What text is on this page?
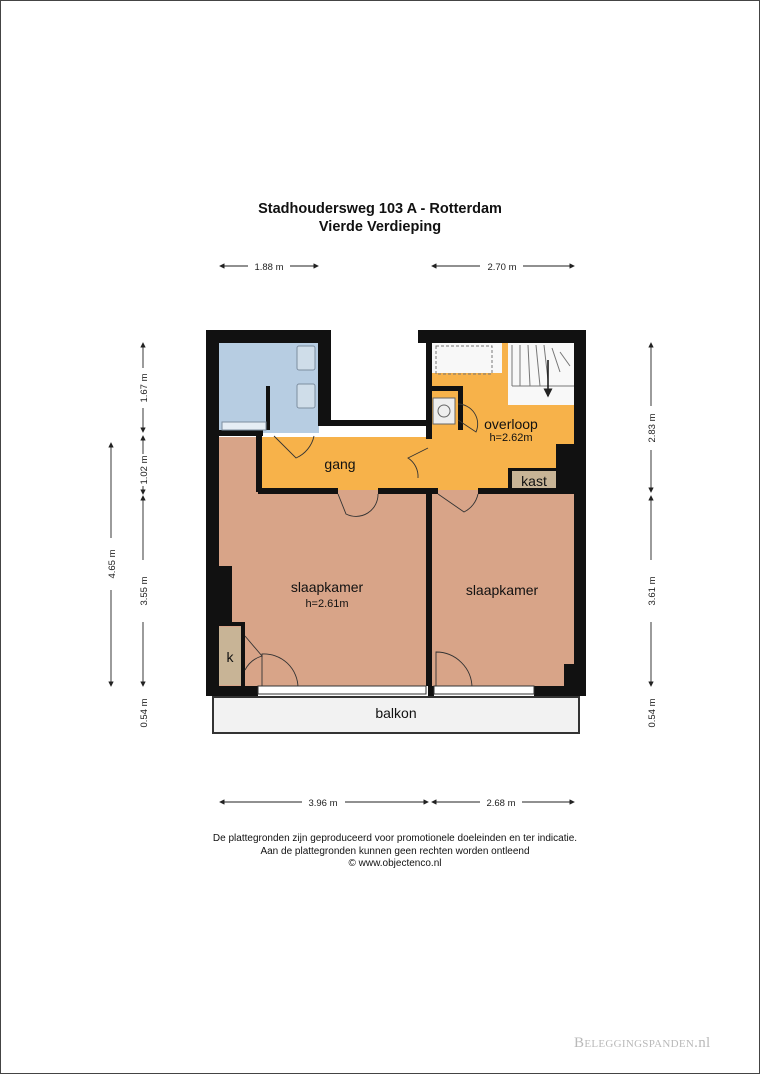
Stadhoudersweg 103 A - Rotterdam
Vierde Verdieping
gang
overloop
h=2.62m
kast
slaapkamer
h=2.61m
slaapkamer
k
balkon
1.88 m	2.70 m
3.96 m	2.68 m
1.67 m
1.02 m
3.55 m
4.65 m
0.54 m
2.83 m
3.61 m
0.54 m
De plattegronden zijn geproduceerd voor promotionele doeleinden en ter indicatie.
Aan de plattegronden kunnen geen rechten worden ontleend
© www.objectenco.nl
BELEGGINGSPANDEN.nl
